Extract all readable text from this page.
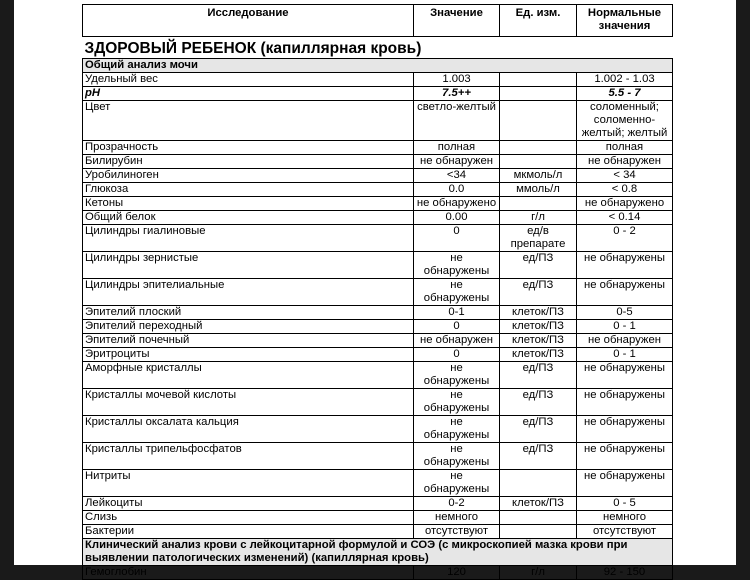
Исследование	Значение	Ед. изм.	Нормальные значения
ЗДОРОВЫЙ РЕБЕНОК (капиллярная кровь)			
Общий анализ мочи			
Удельный вес	1.003		1.002 - 1.03
pH	7.5++		5.5 - 7
Цвет	светло-желтый		соломенный; соломенно-желтый; желтый
Прозрачность	полная		полная
Билирубин	не обнаружен		не обнаружен
Уробилиноген	<34	мкмоль/л	< 34
Глюкоза	0.0	ммоль/л	< 0.8
Кетоны	не обнаружено		не обнаружено
Общий белок	0.00	г/л	< 0.14
Цилиндры гиалиновые	0	ед/в препарате	0 - 2
Цилиндры зернистые	не обнаружены	ед/ПЗ	не обнаружены
Цилиндры эпителиальные	не обнаружены	ед/ПЗ	не обнаружены
Эпителий плоский	0-1	клеток/ПЗ	0-5
Эпителий переходный	0	клеток/ПЗ	0 - 1
Эпителий почечный	не обнаружен	клеток/ПЗ	не обнаружен
Эритроциты	0	клеток/ПЗ	0 - 1
Аморфные кристаллы	не обнаружены	ед/ПЗ	не обнаружены
Кристаллы мочевой кислоты	не обнаружены	ед/ПЗ	не обнаружены
Кристаллы оксалата кальция	не обнаружены	ед/ПЗ	не обнаружены
Кристаллы трипельфосфатов	не обнаружены	ед/ПЗ	не обнаружены
Нитриты	не обнаружены		не обнаружены
Лейкоциты	0-2	клеток/ПЗ	0 - 5
Слизь	немного		немного
Бактерии	отсутствуют		отсутствуют
Клинический анализ крови с лейкоцитарной формулой и СОЭ (с микроскопией мазка крови при выявлении патологических изменений) (капиллярная кровь)			
Гемоглобин	120	г/л	92 - 150
